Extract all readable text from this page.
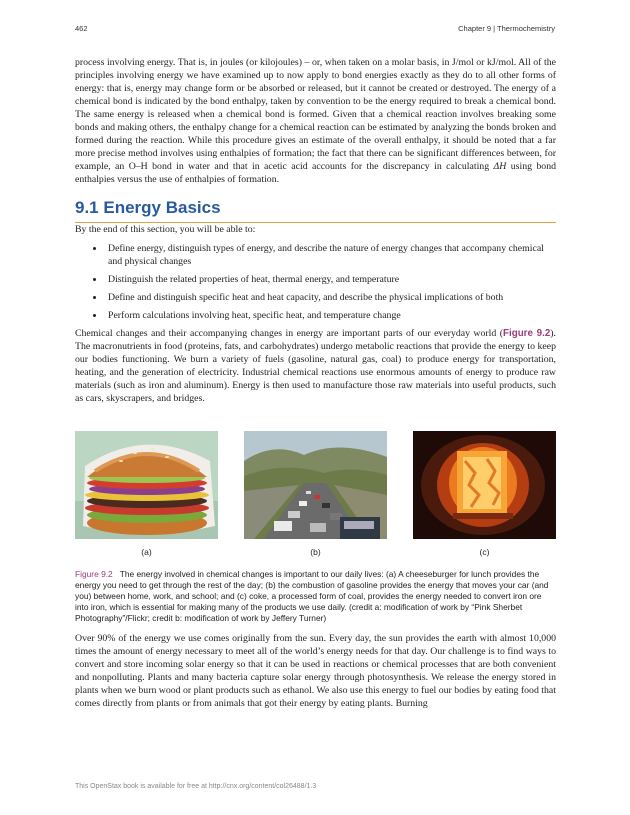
462	Chapter 9 | Thermochemistry

process involving energy. That is, in joules (or kilojoules) – or, when taken on a molar basis, in J/mol or kJ/mol. All of the principles involving energy we have examined up to now apply to bond energies exactly as they do to all other forms of energy: that is, energy may change form or be absorbed or released, but it cannot be created or destroyed. The energy of a chemical bond is indicated by the bond enthalpy, taken by convention to be the energy required to break a chemical bond. The same energy is released when a chemical bond is formed. Given that a chemical reaction involves breaking some bonds and making others, the enthalpy change for a chemical reaction can be estimated by analyzing the bonds broken and formed during the reaction. While this procedure gives an estimate of the overall enthalpy, it should be noted that a far more precise method involves using enthalpies of formation; the fact that there can be significant differences between, for example, an O–H bond in water and that in acetic acid accounts for the discrepancy in calculating ΔH using bond enthalpies versus the use of enthalpies of formation.

9.1 Energy Basics

By the end of this section, you will be able to:

• Define energy, distinguish types of energy, and describe the nature of energy changes that accompany chemical and physical changes
• Distinguish the related properties of heat, thermal energy, and temperature
• Define and distinguish specific heat and heat capacity, and describe the physical implications of both
• Perform calculations involving heat, specific heat, and temperature change

Chemical changes and their accompanying changes in energy are important parts of our everyday world (Figure 9.2). The macronutrients in food (proteins, fats, and carbohydrates) undergo metabolic reactions that provide the energy to keep our bodies functioning. We burn a variety of fuels (gasoline, natural gas, coal) to produce energy for transportation, heating, and the generation of electricity. Industrial chemical reactions use enormous amounts of energy to produce raw materials (such as iron and aluminum). Energy is then used to manufacture those raw materials into useful products, such as cars, skyscrapers, and bridges.

(a)	(b)	(c)

Figure 9.2 The energy involved in chemical changes is important to our daily lives: (a) A cheeseburger for lunch provides the energy you need to get through the rest of the day; (b) the combustion of gasoline provides the energy that moves your car (and you) between home, work, and school; and (c) coke, a processed form of coal, provides the energy needed to convert iron ore into iron, which is essential for making many of the products we use daily. (credit a: modification of work by “Pink Sherbet Photography”/Flickr; credit b: modification of work by Jeffery Turner)

Over 90% of the energy we use comes originally from the sun. Every day, the sun provides the earth with almost 10,000 times the amount of energy necessary to meet all of the world’s energy needs for that day. Our challenge is to find ways to convert and store incoming solar energy so that it can be used in reactions or chemical processes that are both convenient and nonpolluting. Plants and many bacteria capture solar energy through photosynthesis. We release the energy stored in plants when we burn wood or plant products such as ethanol. We also use this energy to fuel our bodies by eating food that comes directly from plants or from animals that got their energy by eating plants. Burning

This OpenStax book is available for free at http://cnx.org/content/col26488/1.3
